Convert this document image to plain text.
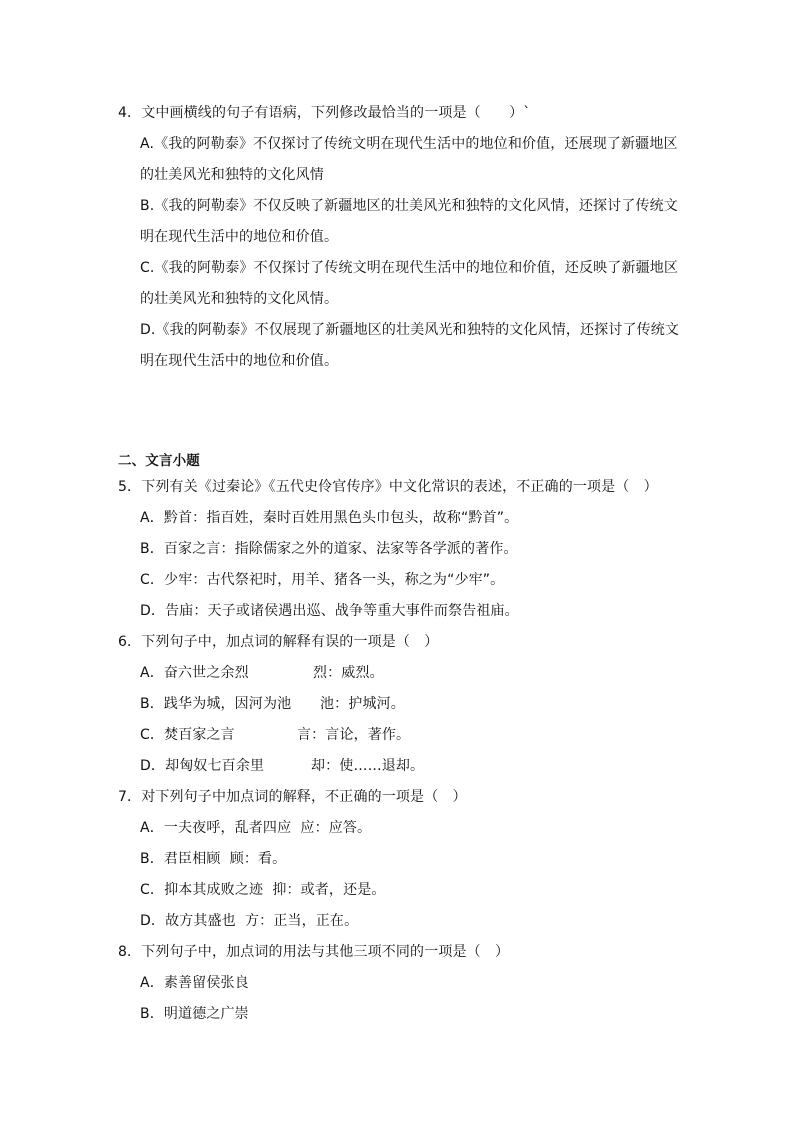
4．文中画横线的句子有语病，下列修改最恰当的一项是（　　）`
A.《我的阿勒泰》不仅探讨了传统文明在现代生活中的地位和价值，还展现了新疆地区
的壮美风光和独特的文化风情
B.《我的阿勒泰》不仅反映了新疆地区的壮美风光和独特的文化风情，还探讨了传统文
明在现代生活中的地位和价值。
C.《我的阿勒泰》不仅探讨了传统文明在现代生活中的地位和价值，还反映了新疆地区
的壮美风光和独特的文化风情。
D.《我的阿勒泰》不仅展现了新疆地区的壮美风光和独特的文化风情，还探讨了传统文
明在现代生活中的地位和价值。
二、文言小题
5．下列有关《过秦论》《五代史伶官传序》中文化常识的表述，不正确的一项是（　）
A．黔首：指百姓，秦时百姓用黑色头巾包头，故称“黔首”。
B．百家之言：指除儒家之外的道家、法家等各学派的著作。
C．少牢：古代祭祀时，用羊、猪各一头，称之为“少牢”。
D．告庙：天子或诸侯遇出巡、战争等重大事件而祭告祖庙。
6．下列句子中，加点词的解释有误的一项是（　）
A．奋六世之余烈	烈：威烈。
B．践华为城，因河为池 池：护城河。
C．焚百家之言	言：言论，著作。
D．却匈奴七百余里	却：使……退却。
7．对下列句子中加点词的解释，不正确的一项是（　）
A．一夫夜呼，乱者四应  应：应答。
B．君臣相顾  顾：看。
C．抑本其成败之迹  抑：或者，还是。
D．故方其盛也  方：正当，正在。
8．下列句子中，加点词的用法与其他三项不同的一项是（　）
A．素善留侯张良
B．明道德之广崇
